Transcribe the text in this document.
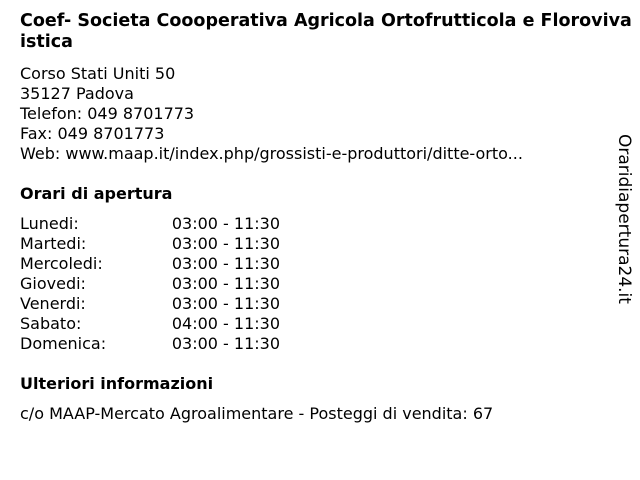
Coef- Societa Coooperativa Agricola Ortofrutticola e Florovivaistica
Corso Stati Uniti 50
35127 Padova
Telefon: 049 8701773
Fax: 049 8701773
Web: www.maap.it/index.php/grossisti-e-produttori/ditte-orto...
Orari di apertura
Lunedi:	03:00 - 11:30
Martedi:	03:00 - 11:30
Mercoledi:	03:00 - 11:30
Giovedi:	03:00 - 11:30
Venerdi:	03:00 - 11:30
Sabato:	04:00 - 11:30
Domenica:	03:00 - 11:30
Ulteriori informazioni
c/o MAAP-Mercato Agroalimentare - Posteggi di vendita: 67
Oraridiapertura24.it
